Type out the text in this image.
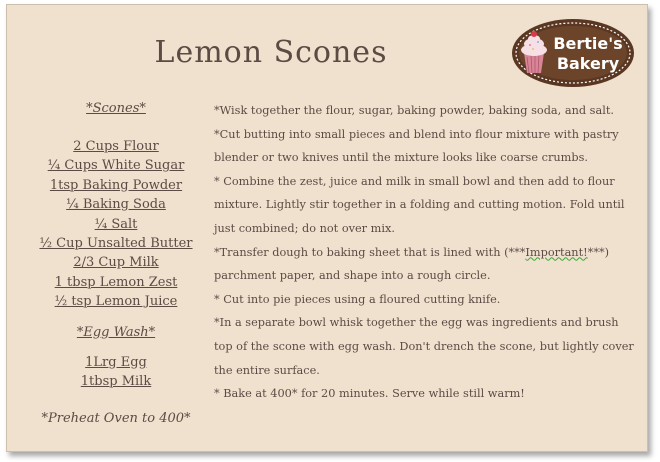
Lemon Scones	Bertie's
Bakery
*Scones*
2 Cups Flour
¼ Cups White Sugar
1tsp Baking Powder
¼ Baking Soda
¼ Salt
½ Cup Unsalted Butter
2/3 Cup Milk
1 tbsp Lemon Zest
½ tsp Lemon Juice
*Egg Wash*
1Lrg Egg
1tbsp Milk
*Preheat Oven to 400*

*Wisk together the flour, sugar, baking powder, baking soda, and salt.

*Cut butting into small pieces and blend into flour mixture with pastry blender or two knives until the mixture looks like coarse crumbs.

* Combine the zest, juice and milk in small bowl and then add to flour mixture. Lightly stir together in a folding and cutting motion. Fold until just combined; do not over mix.

*Transfer dough to baking sheet that is lined with (***Important!***) parchment paper, and shape into a rough circle.

* Cut into pie pieces using a floured cutting knife.

*In a separate bowl whisk together the egg was ingredients and brush top of the scone with egg wash. Don't drench the scone, but lightly cover the entire surface.

* Bake at 400* for 20 minutes. Serve while still warm!
